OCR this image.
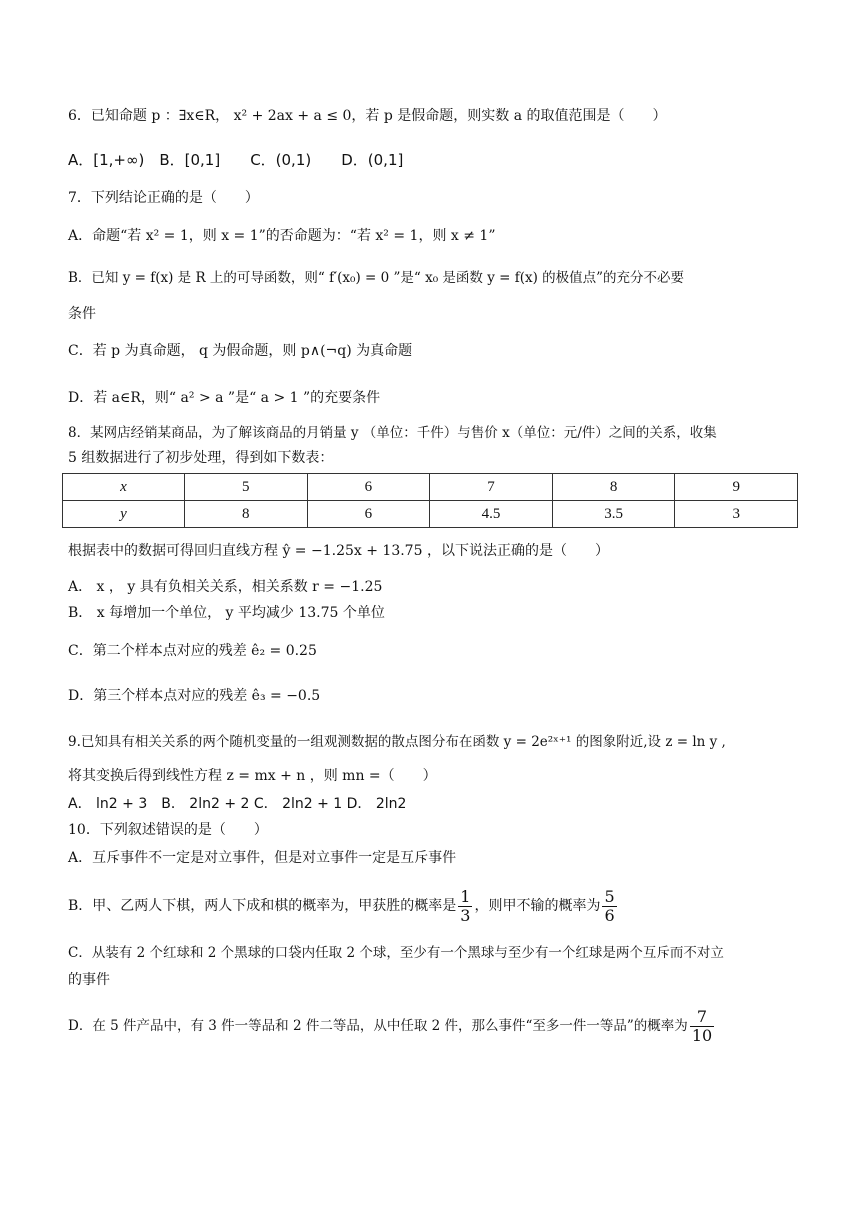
6．已知命题 p ：∃x∈R， x² + 2ax + a ≤ 0，若 p 是假命题，则实数 a 的取值范围是（　　）
A．[1,+∞)　B．[0,1]　　C．(0,1)　　D．(0,1]
7．下列结论正确的是（　　）
A．命题“若 x² = 1，则 x = 1”的否命题为：“若 x² = 1，则 x ≠ 1”
B．已知 y = f(x) 是 R 上的可导函数，则“ f′(x₀) = 0 ”是“ x₀ 是函数 y = f(x) 的极值点”的充分不必要
条件
C．若 p 为真命题， q 为假命题，则 p∧(¬q) 为真命题
D．若 a∈R，则“ a² > a ”是“ a > 1 ”的充要条件
8．某网店经销某商品，为了解该商品的月销量 y （单位：千件）与售价 x（单位：元/件）之间的关系，收集
5 组数据进行了初步处理，得到如下数表：
x	5	6	7	8	9
y	8	6	4.5	3.5	3
根据表中的数据可得回归直线方程 ŷ = −1.25x + 13.75 ，以下说法正确的是（　　）
A． x ， y 具有负相关关系，相关系数 r = −1.25
B． x 每增加一个单位， y 平均减少 13.75 个单位
C．第二个样本点对应的残差 ê₂ = 0.25
D．第三个样本点对应的残差 ê₃ = −0.5
9.已知具有相关关系的两个随机变量的一组观测数据的散点图分布在函数 y = 2e²ˣ⁺¹ 的图象附近,设 z = ln y ,
将其变换后得到线性方程 z = mx + n ，则 mn =（　　）
A． ln2 + 3　B． 2ln2 + 2 C． 2ln2 + 1 D． 2ln2
10．下列叙述错误的是（　　）
A．互斥事件不一定是对立事件，但是对立事件一定是互斥事件
B．甲、乙两人下棋，两人下成和棋的概率为，甲获胜的概率是 $\frac{1}{3}$ ，则甲不输的概率为 $\frac{5}{6}$
C．从装有 2 个红球和 2 个黑球的口袋内任取 2 个球，至少有一个黑球与至少有一个红球是两个互斥而不对立
的事件
D．在 5 件产品中，有 3 件一等品和 2 件二等品，从中任取 2 件，那么事件“至多一件一等品”的概率为 $\frac{7}{10}$
